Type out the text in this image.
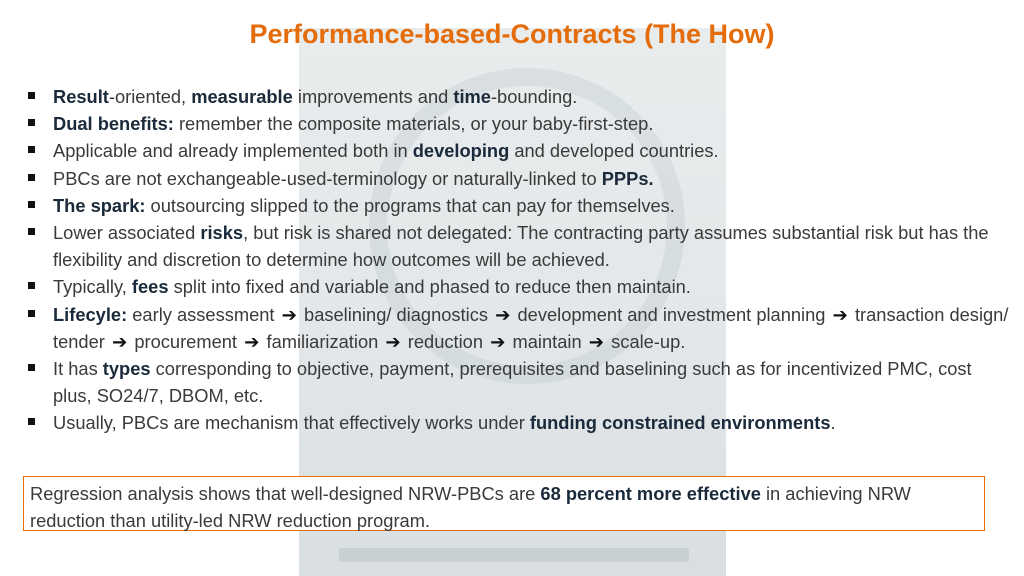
Performance-based-Contracts (The How)
Result-oriented, measurable improvements and time-bounding.
Dual benefits: remember the composite materials, or your baby-first-step.
Applicable and already implemented both in developing and developed countries.
PBCs are not exchangeable-used-terminology or naturally-linked to PPPs.
The spark: outsourcing slipped to the programs that can pay for themselves.
Lower associated risks, but risk is shared not delegated: The contracting party assumes substantial risk but has the flexibility and discretion to determine how outcomes will be achieved.
Typically, fees split into fixed and variable and phased to reduce then maintain.
Lifecyle: early assessment ➔ baselining/ diagnostics ➔ development and investment planning ➔ transaction design/ tender ➔ procurement ➔ familiarization ➔ reduction ➔ maintain ➔ scale-up.
It has types corresponding to objective, payment, prerequisites and baselining such as for incentivized PMC, cost plus, SO24/7, DBOM, etc.
Usually, PBCs are mechanism that effectively works under funding constrained environments.
Regression analysis shows that well-designed NRW-PBCs are 68 percent more effective in achieving NRW reduction than utility-led NRW reduction program.
